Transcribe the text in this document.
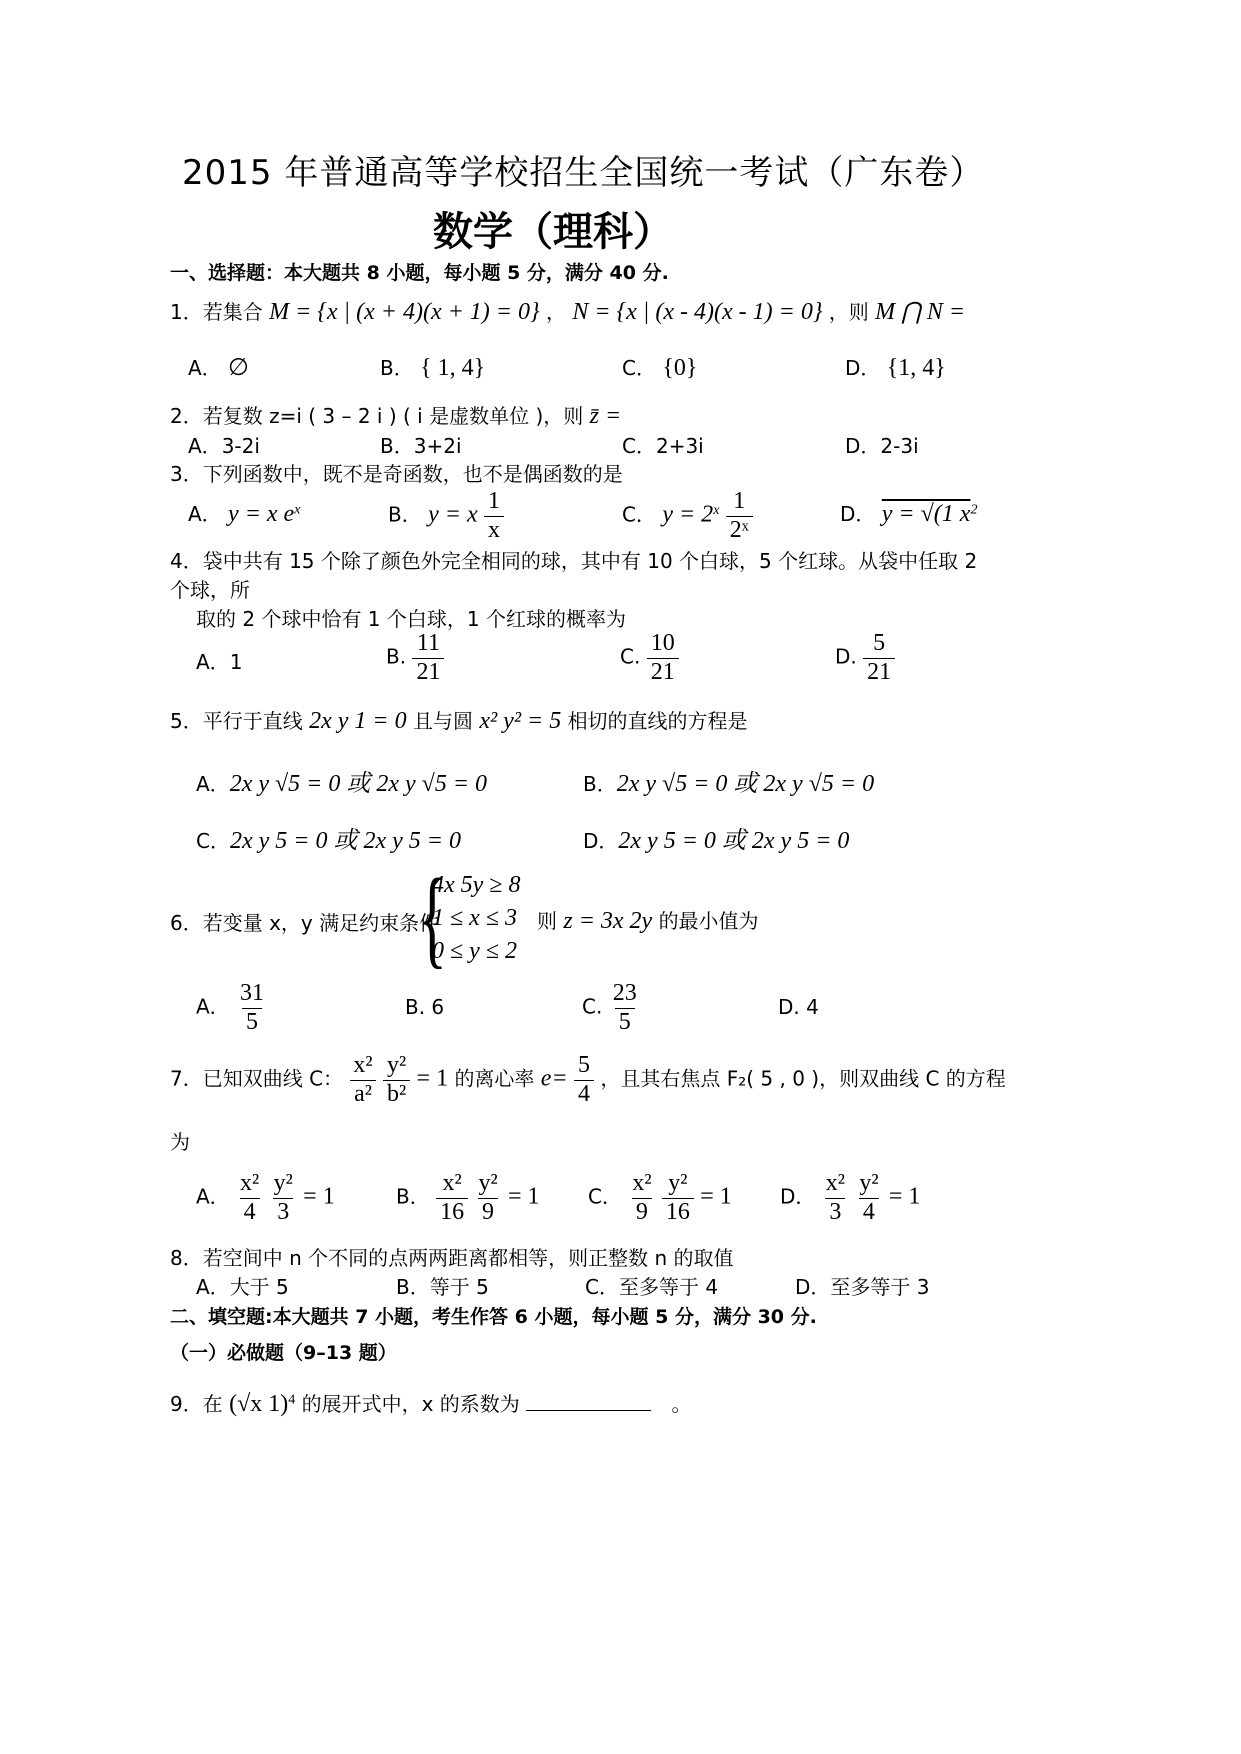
2015 年普通高等学校招生全国统一考试（广东卷）
数学（理科）
一、选择题：本大题共 8 小题，每小题 5 分，满分 40 分.
1．若集合 M = {x | (x + 4)(x + 1) = 0} ， N = {x | (x - 4)(x - 1) = 0} ，则 M ⋂ N =
A． ∅	B． { 1, 4}	C． {0}	D． {1, 4}
2．若复数 z=i ( 3 – 2 i ) ( i 是虚数单位 )，则 z̄ =
A．3-2i	B．3+2i	C．2+3i	D．2-3i
3．下列函数中，既不是奇函数，也不是偶函数的是
A． y = x $e^x$	B． y = x $\frac{1}{x}$	C． $y = 2^x \frac{1}{\text{2ˣ}}$	D． y = √(1 $x^2$
4．袋中共有 15 个除了颜色外完全相同的球，其中有 10 个白球，5 个红球。从袋中任取 2
个球，所
取的 2 个球中恰有 1 个白球，1 个红球的概率为
A．1	B. $\frac{11}{21}$	C. $\frac{10}{21}$	D. $\frac{5}{21}$
5．平行于直线 2x y 1 = 0 且与圆 x² y² = 5 相切的直线的方程是
A．2x y √5 = 0 或 2x y √5 = 0	B．2x y √5 = 0 或 2x y √5 = 0
C．2x y 5 = 0 或 2x y 5 = 0	D．2x y 5 = 0 或 2x y 5 = 0
6．若变量 x，y 满足约束条件
{
4x 5y ≥ 8
1 ≤ x ≤ 3
0 ≤ y ≤ 2
则 z = 3x 2y 的最小值为
A． $\frac{31}{5}$	B. 6	C. $\frac{23}{5}$	D. 4
7．已知双曲线 C： $\frac{\text{x²}}{\text{a²}}$
$\frac{\text{y²}}{\text{b²}} = 1$ 的离心率 $e= \frac{5}{4}$ ，且其右焦点 F₂( 5 , 0 )，则双曲线 C 的方程
为
A． $\frac{\text{x²}}{4}$
$\frac{\text{y²}}{3} = 1$	B． $\frac{\text{x²}}{16}$
$\frac{\text{y²}}{9} = 1$ C． $\frac{\text{x²}}{9}$
$\frac{\text{y²}}{16} = 1$ D． $\frac{\text{x²}}{3}$
$\frac{\text{y²}}{4} = 1$
8．若空间中 n 个不同的点两两距离都相等，则正整数 n 的取值
A．大于 5	B．等于 5	C．至多等于 4	D．至多等于 3
二、填空题:本大题共 7 小题，考生作答 6 小题，每小题 5 分，满分 30 分.
（一）必做题（9–13 题）
9．在 (√x 1)$^4$ 的展开式中，x 的系数为	。
